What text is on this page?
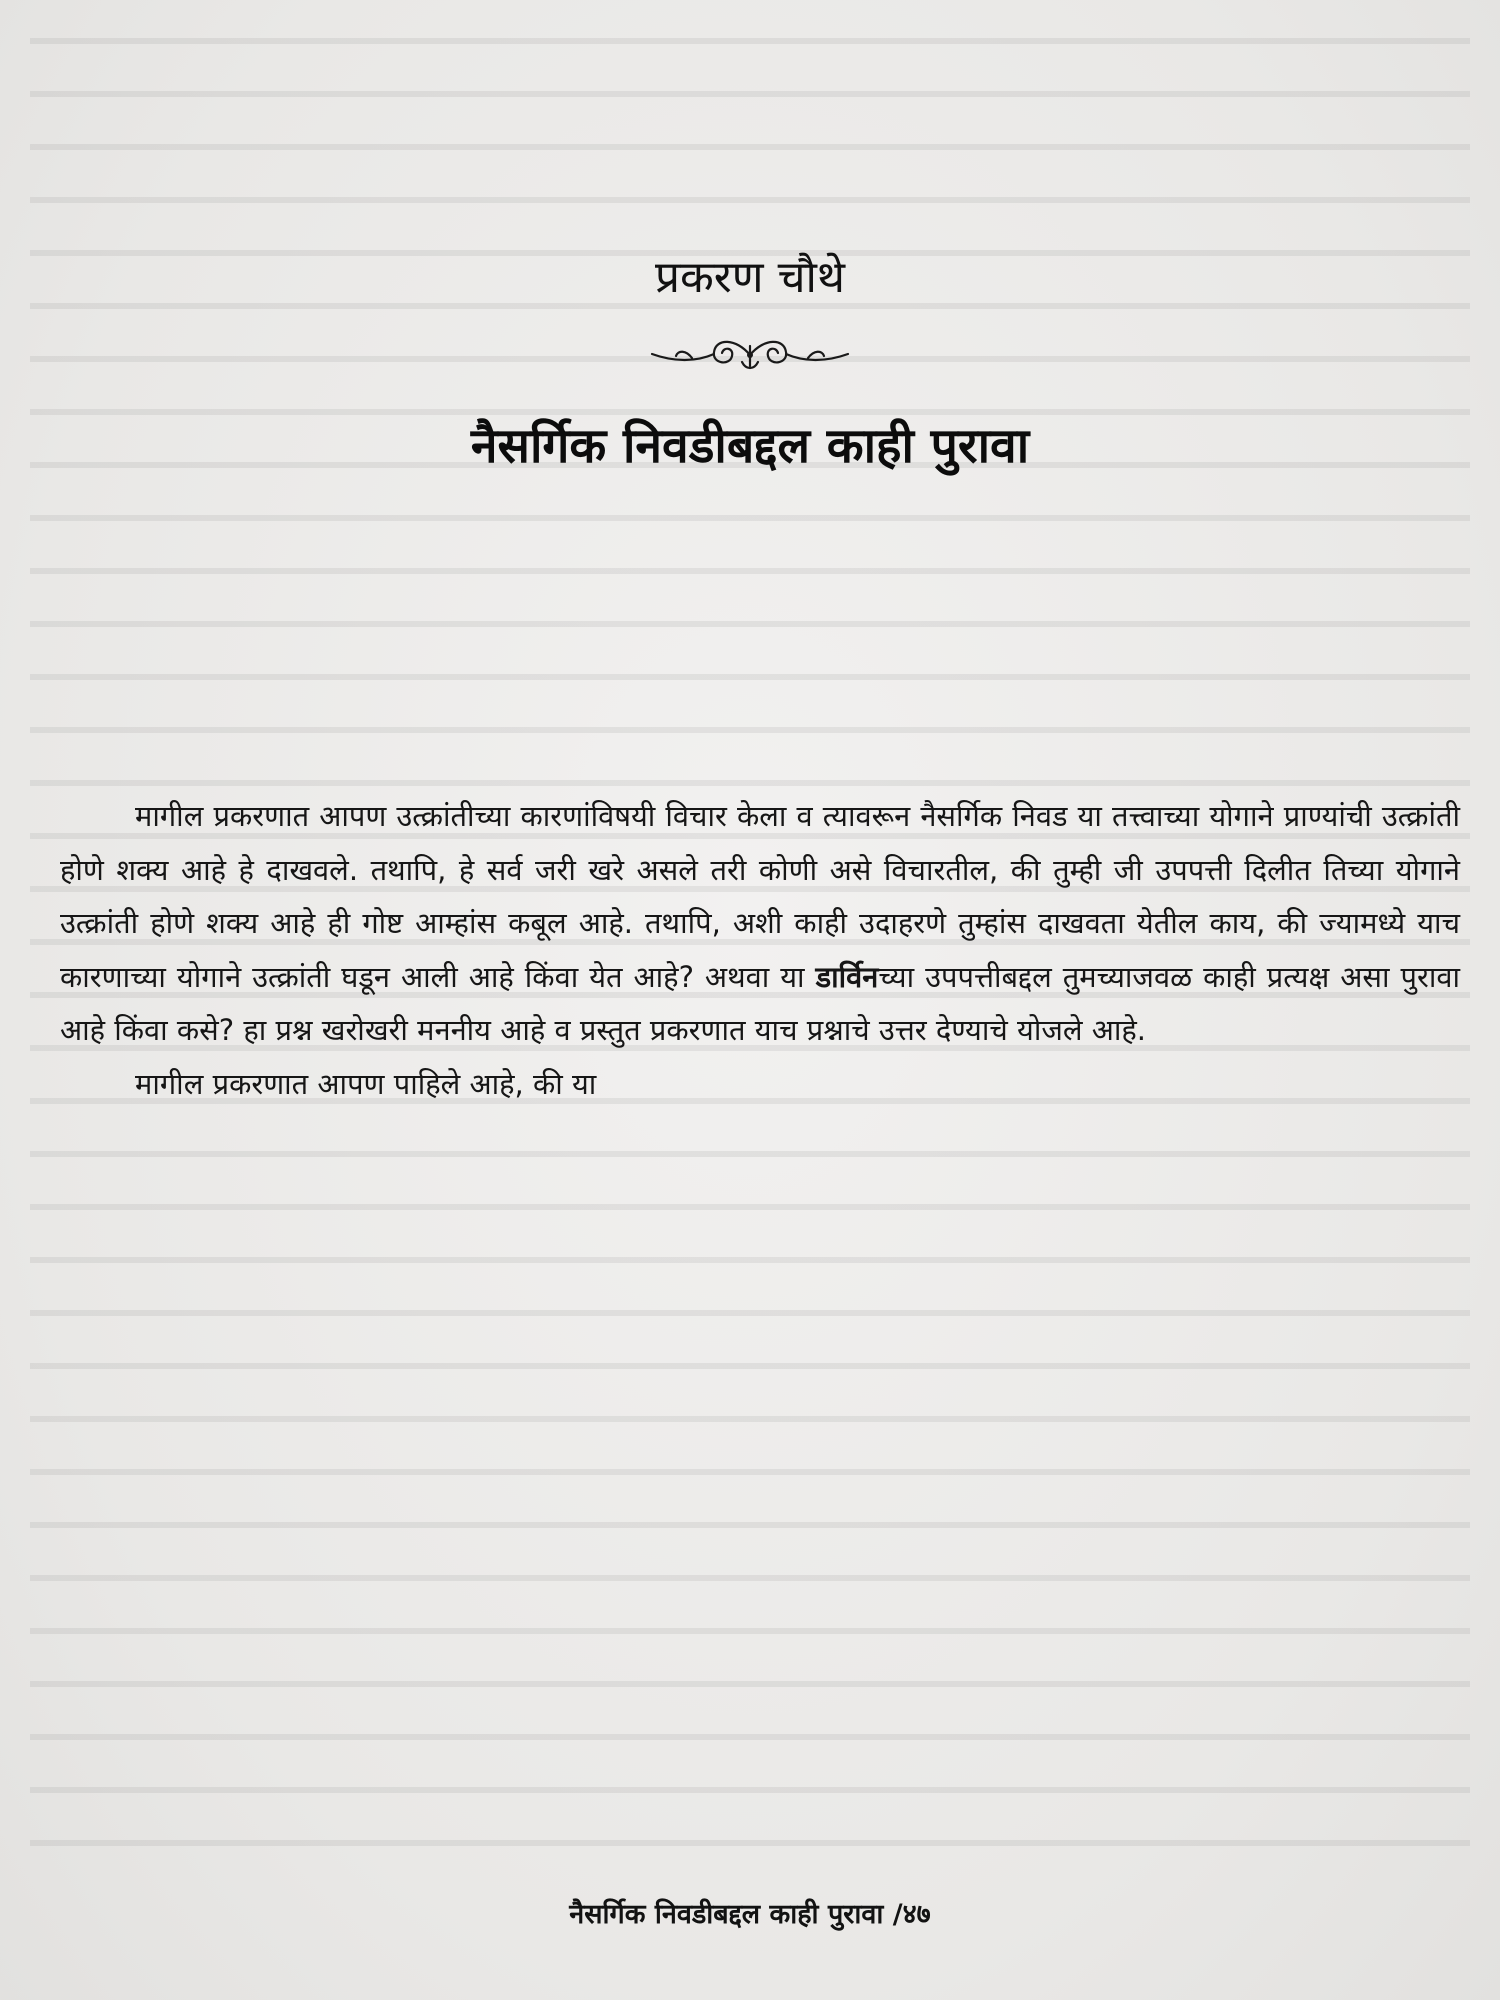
प्रकरण चौथे
नैसर्गिक निवडीबद्दल काही पुरावा

मागील प्रकरणात आपण उत्क्रांतीच्या कारणांविषयी विचार केला व त्यावरून नैसर्गिक निवड या तत्त्वाच्या योगाने प्राण्यांची उत्क्रांती होणे शक्य आहे हे दाखवले. तथापि, हे सर्व जरी खरे असले तरी कोणी असे विचारतील, की तुम्ही जी उपपत्ती दिलीत तिच्या योगाने उत्क्रांती होणे शक्य आहे ही गोष्ट आम्हांस कबूल आहे. तथापि, अशी काही उदाहरणे तुम्हांस दाखवता येतील काय, की ज्यामध्ये याच कारणाच्या योगाने उत्क्रांती घडून आली आहे किंवा येत आहे? अथवा या डार्विनच्या उपपत्तीबद्दल तुमच्याजवळ काही प्रत्यक्ष असा पुरावा आहे किंवा कसे? हा प्रश्न खरोखरी मननीय आहे व प्रस्तुत प्रकरणात याच प्रश्नाचे उत्तर देण्याचे योजले आहे.

मागील प्रकरणात आपण पाहिले आहे, की या

नैसर्गिक निवडीबद्दल काही पुरावा /४७
